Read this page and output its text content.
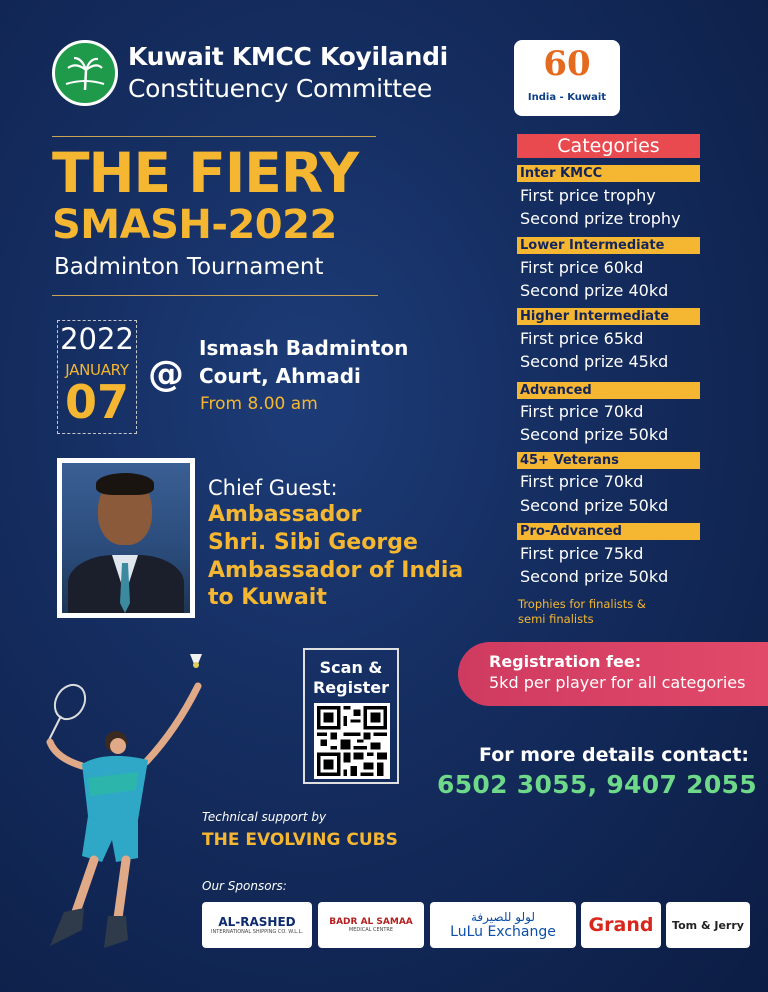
Kuwait KMCC Koyilandi
Constituency Committee
60
India - Kuwait
THE FIERY
SMASH-2022
Badminton Tournament
2022
JANUARY
07
@
Ismash Badminton
Court, Ahmadi
From 8.00 am
Chief Guest:
Ambassador
Shri. Sibi George
Ambassador of India
to Kuwait
Categories
Inter KMCC
First price trophy
Second prize trophy
Lower Intermediate
First price 60kd
Second prize 40kd
Higher Intermediate
First price 65kd
Second prize 45kd
Advanced
First price 70kd
Second prize 50kd
45+ Veterans
First price 70kd
Second prize 50kd
Pro-Advanced
First price 75kd
Second prize 50kd
Trophies for finalists &
semi finalists
Registration fee:
5kd per player for all categories
Scan &
Register
For more details contact:
6502 3055, 9407 2055
Technical support by
THE EVOLVING CUBS
Our Sponsors:
AL-RASHED
INTERNATIONAL SHIPPING CO. W.L.L.
BADR AL SAMAA
MEDICAL CENTRE
لولو للصيرفة
LuLu Exchange Grand Tom & Jerry
